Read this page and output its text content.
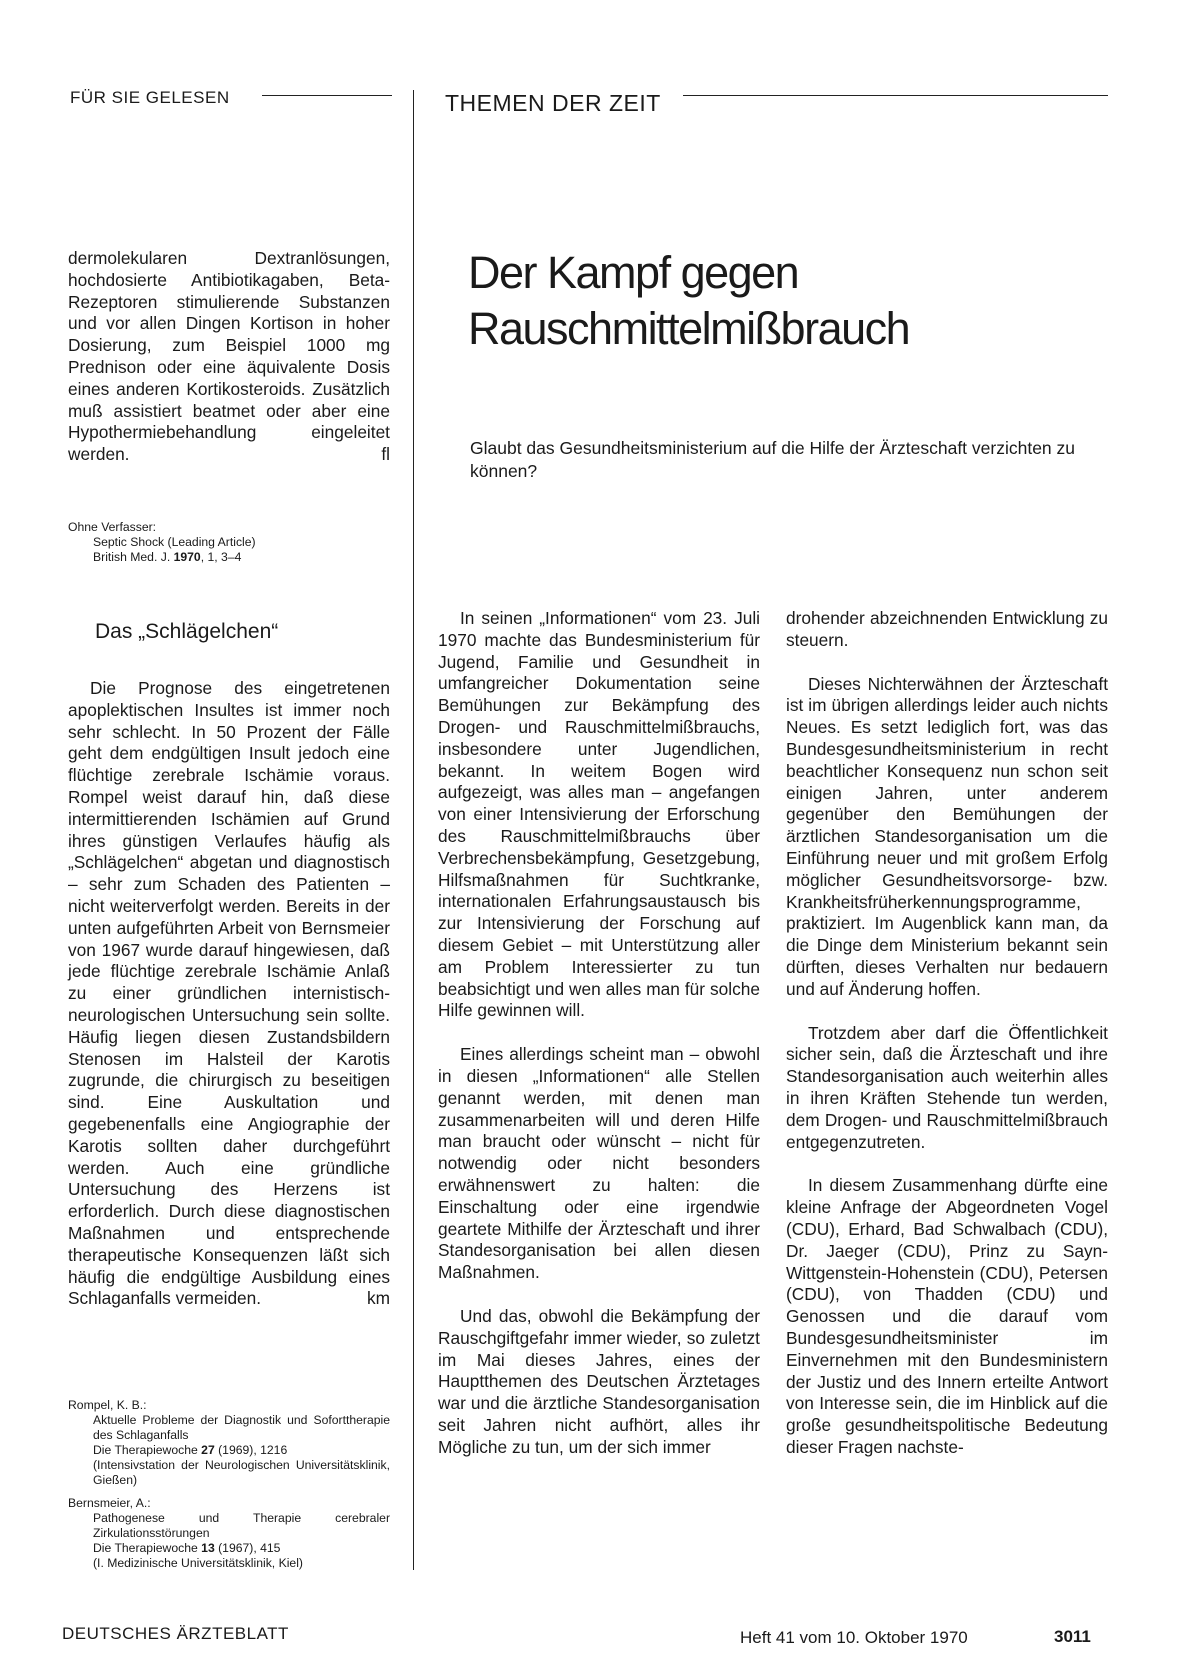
FÜR SIE GELESEN	THEMEN DER ZEIT

dermolekularen Dextranlösungen, hochdosierte Antibiotikagaben, Beta-Rezeptoren stimulierende Substanzen und vor allen Dingen Kortison in hoher Dosierung, zum Beispiel 1000 mg Prednison oder eine äquivalente Dosis eines anderen Kortikosteroids. Zusätzlich muß assistiert beatmet oder aber eine Hypothermiebehandlung eingeleitet werden.	fl

Ohne Verfasser:

Septic Shock (Leading Article)
British Med. J. 1970, 1, 3–4

Das „Schlägelchen“

Die Prognose des eingetretenen apoplektischen Insultes ist immer noch sehr schlecht. In 50 Prozent der Fälle geht dem endgültigen Insult jedoch eine flüchtige zerebrale Ischämie voraus. Rompel weist darauf hin, daß diese intermittierenden Ischämien auf Grund ihres günstigen Verlaufes häufig als „Schlägelchen“ abgetan und diagnostisch – sehr zum Schaden des Patienten – nicht weiterverfolgt werden. Bereits in der unten aufgeführten Arbeit von Bernsmeier von 1967 wurde darauf hingewiesen, daß jede flüchtige zerebrale Ischämie Anlaß zu einer gründlichen internistisch-neurologischen Untersuchung sein sollte. Häufig liegen diesen Zustandsbildern Stenosen im Halsteil der Karotis zugrunde, die chirurgisch zu beseitigen sind. Eine Auskultation und gegebenenfalls eine Angiographie der Karotis sollten daher durchgeführt werden. Auch eine gründliche Untersuchung des Herzens ist erforderlich. Durch diese diagnostischen Maßnahmen und entsprechende therapeutische Konsequenzen läßt sich häufig die endgültige Ausbildung eines Schlaganfalls vermeiden.	km

Rompel, K. B.:

Aktuelle Probleme der Diagnostik und Soforttherapie des Schlaganfalls

Die Therapiewoche 27 (1969), 1216

(Intensivstation der Neurologischen Universitätsklinik, Gießen)

Bernsmeier, A.:

Pathogenese und Therapie cerebraler Zirkulationsstörungen

Die Therapiewoche 13 (1967), 415

(I. Medizinische Universitätsklinik, Kiel)

Der Kampf gegen
Rauschmittelmißbrauch

Glaubt das Gesundheitsministerium auf die Hilfe der Ärzteschaft verzichten zu können?

In seinen „Informationen“ vom 23. Juli 1970 machte das Bundesministerium für Jugend, Familie und Gesundheit in umfangreicher Dokumentation seine Bemühungen zur Bekämpfung des Drogen- und Rauschmittelmißbrauchs, insbesondere unter Jugendlichen, bekannt. In weitem Bogen wird aufgezeigt, was alles man – angefangen von einer Intensivierung der Erforschung des Rauschmittelmißbrauchs über Verbrechensbekämpfung, Gesetzgebung, Hilfsmaßnahmen für Suchtkranke, internationalen Erfahrungsaustausch bis zur Intensivierung der Forschung auf diesem Gebiet – mit Unterstützung aller am Problem Interessierter zu tun beabsichtigt und wen alles man für solche Hilfe gewinnen will.

Eines allerdings scheint man – obwohl in diesen „Informationen“ alle Stellen genannt werden, mit denen man zusammenarbeiten will und deren Hilfe man braucht oder wünscht – nicht für notwendig oder nicht besonders erwähnenswert zu halten: die Einschaltung oder eine irgendwie geartete Mithilfe der Ärzteschaft und ihrer Standesorganisation bei allen diesen Maßnahmen.

Und das, obwohl die Bekämpfung der Rauschgiftgefahr immer wieder, so zuletzt im Mai dieses Jahres, eines der Hauptthemen des Deutschen Ärztetages war und die ärztliche Standesorganisation seit Jahren nicht aufhört, alles ihr Mögliche zu tun, um der sich immer

drohender abzeichnenden Entwicklung zu steuern.

Dieses Nichterwähnen der Ärzteschaft ist im übrigen allerdings leider auch nichts Neues. Es setzt lediglich fort, was das Bundesgesundheitsministerium in recht beachtlicher Konsequenz nun schon seit einigen Jahren, unter anderem gegenüber den Bemühungen der ärztlichen Standesorganisation um die Einführung neuer und mit großem Erfolg möglicher Gesundheitsvorsorge- bzw. Krankheitsfrüherkennungsprogramme, praktiziert. Im Augenblick kann man, da die Dinge dem Ministerium bekannt sein dürften, dieses Verhalten nur bedauern und auf Änderung hoffen.

Trotzdem aber darf die Öffentlichkeit sicher sein, daß die Ärzteschaft und ihre Standesorganisation auch weiterhin alles in ihren Kräften Stehende tun werden, dem Drogen- und Rauschmittelmißbrauch entgegenzutreten.

In diesem Zusammenhang dürfte eine kleine Anfrage der Abgeordneten Vogel (CDU), Erhard, Bad Schwalbach (CDU), Dr. Jaeger (CDU), Prinz zu Sayn-Wittgenstein-Hohenstein (CDU), Petersen (CDU), von Thadden (CDU) und Genossen und die darauf vom Bundesgesundheitsminister im Einvernehmen mit den Bundesministern der Justiz und des Innern erteilte Antwort von Interesse sein, die im Hinblick auf die große gesundheitspolitische Bedeutung dieser Fragen nachste-

DEUTSCHES ÄRZTEBLATT	Heft 41 vom 10. Oktober 1970	3011
